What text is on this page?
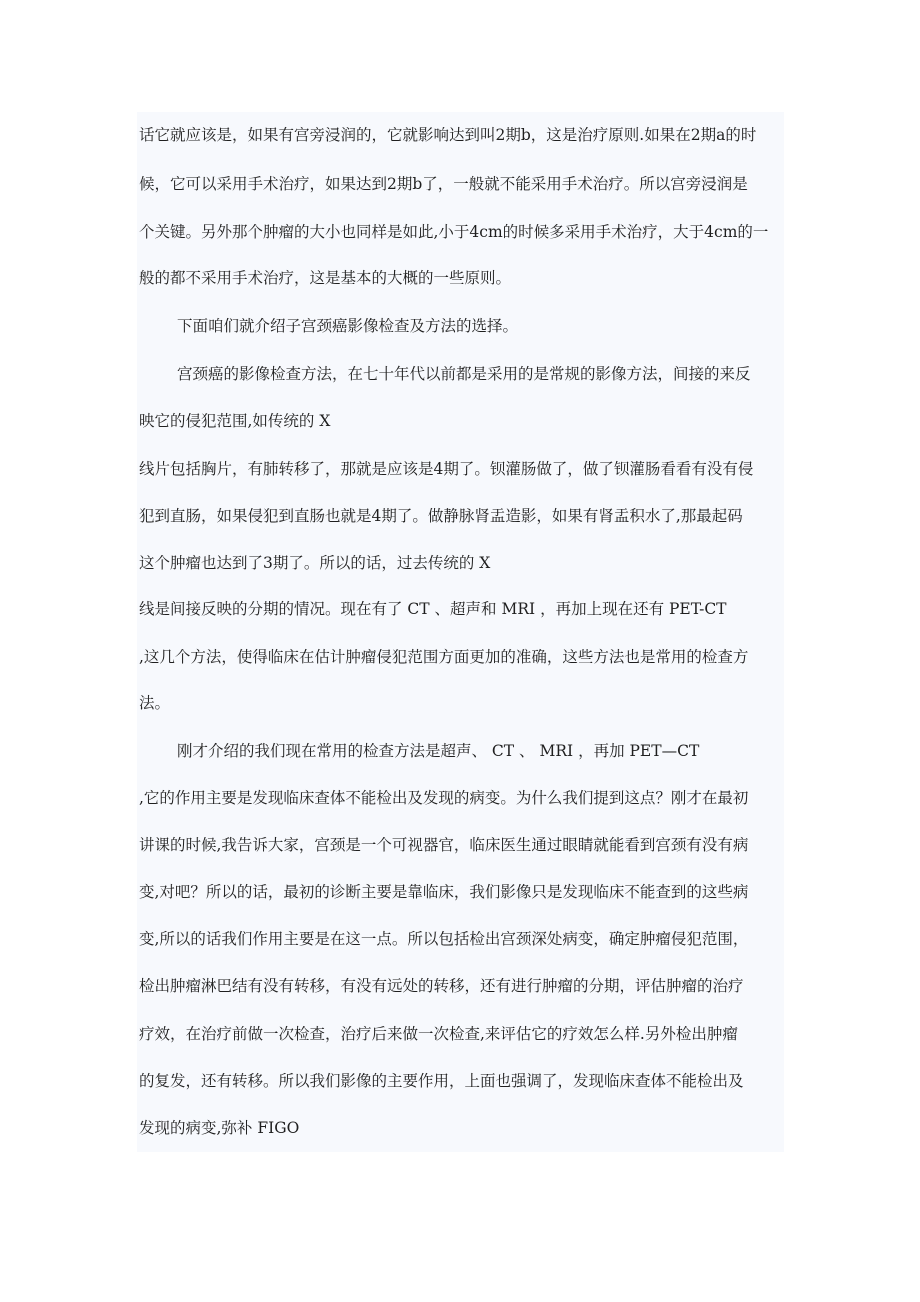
话它就应该是，如果有宫旁浸润的，它就影响达到叫2期b，这是治疗原则.如果在2期a的时

候，它可以采用手术治疗，如果达到2期b了，一般就不能采用手术治疗。所以宫旁浸润是

个关键。另外那个肿瘤的大小也同样是如此,小于4cm的时候多采用手术治疗，大于4cm的一

般的都不采用手术治疗，这是基本的大概的一些原则。

下面咱们就介绍子宫颈癌影像检查及方法的选择。

宫颈癌的影像检查方法，在七十年代以前都是采用的是常规的影像方法，间接的来反

映它的侵犯范围,如传统的 X

线片包括胸片，有肺转移了，那就是应该是4期了。钡灌肠做了，做了钡灌肠看看有没有侵

犯到直肠，如果侵犯到直肠也就是4期了。做静脉肾盂造影，如果有肾盂积水了,那最起码

这个肿瘤也达到了3期了。所以的话，过去传统的 X

线是间接反映的分期的情况。现在有了 CT 、超声和 MRI ，再加上现在还有 PET-CT

,这几个方法，使得临床在估计肿瘤侵犯范围方面更加的准确，这些方法也是常用的检查方

法。

刚才介绍的我们现在常用的检查方法是超声、 CT 、 MRI ，再加 PET—CT

,它的作用主要是发现临床查体不能检出及发现的病变。为什么我们提到这点？刚才在最初

讲课的时候,我告诉大家，宫颈是一个可视器官，临床医生通过眼睛就能看到宫颈有没有病

变,对吧？所以的话，最初的诊断主要是靠临床，我们影像只是发现临床不能查到的这些病

变,所以的话我们作用主要是在这一点。所以包括检出宫颈深处病变，确定肿瘤侵犯范围，

检出肿瘤淋巴结有没有转移，有没有远处的转移，还有进行肿瘤的分期，评估肿瘤的治疗

疗效，在治疗前做一次检查，治疗后来做一次检查,来评估它的疗效怎么样.另外检出肿瘤

的复发，还有转移。所以我们影像的主要作用，上面也强调了，发现临床查体不能检出及

发现的病变,弥补 FIGO
